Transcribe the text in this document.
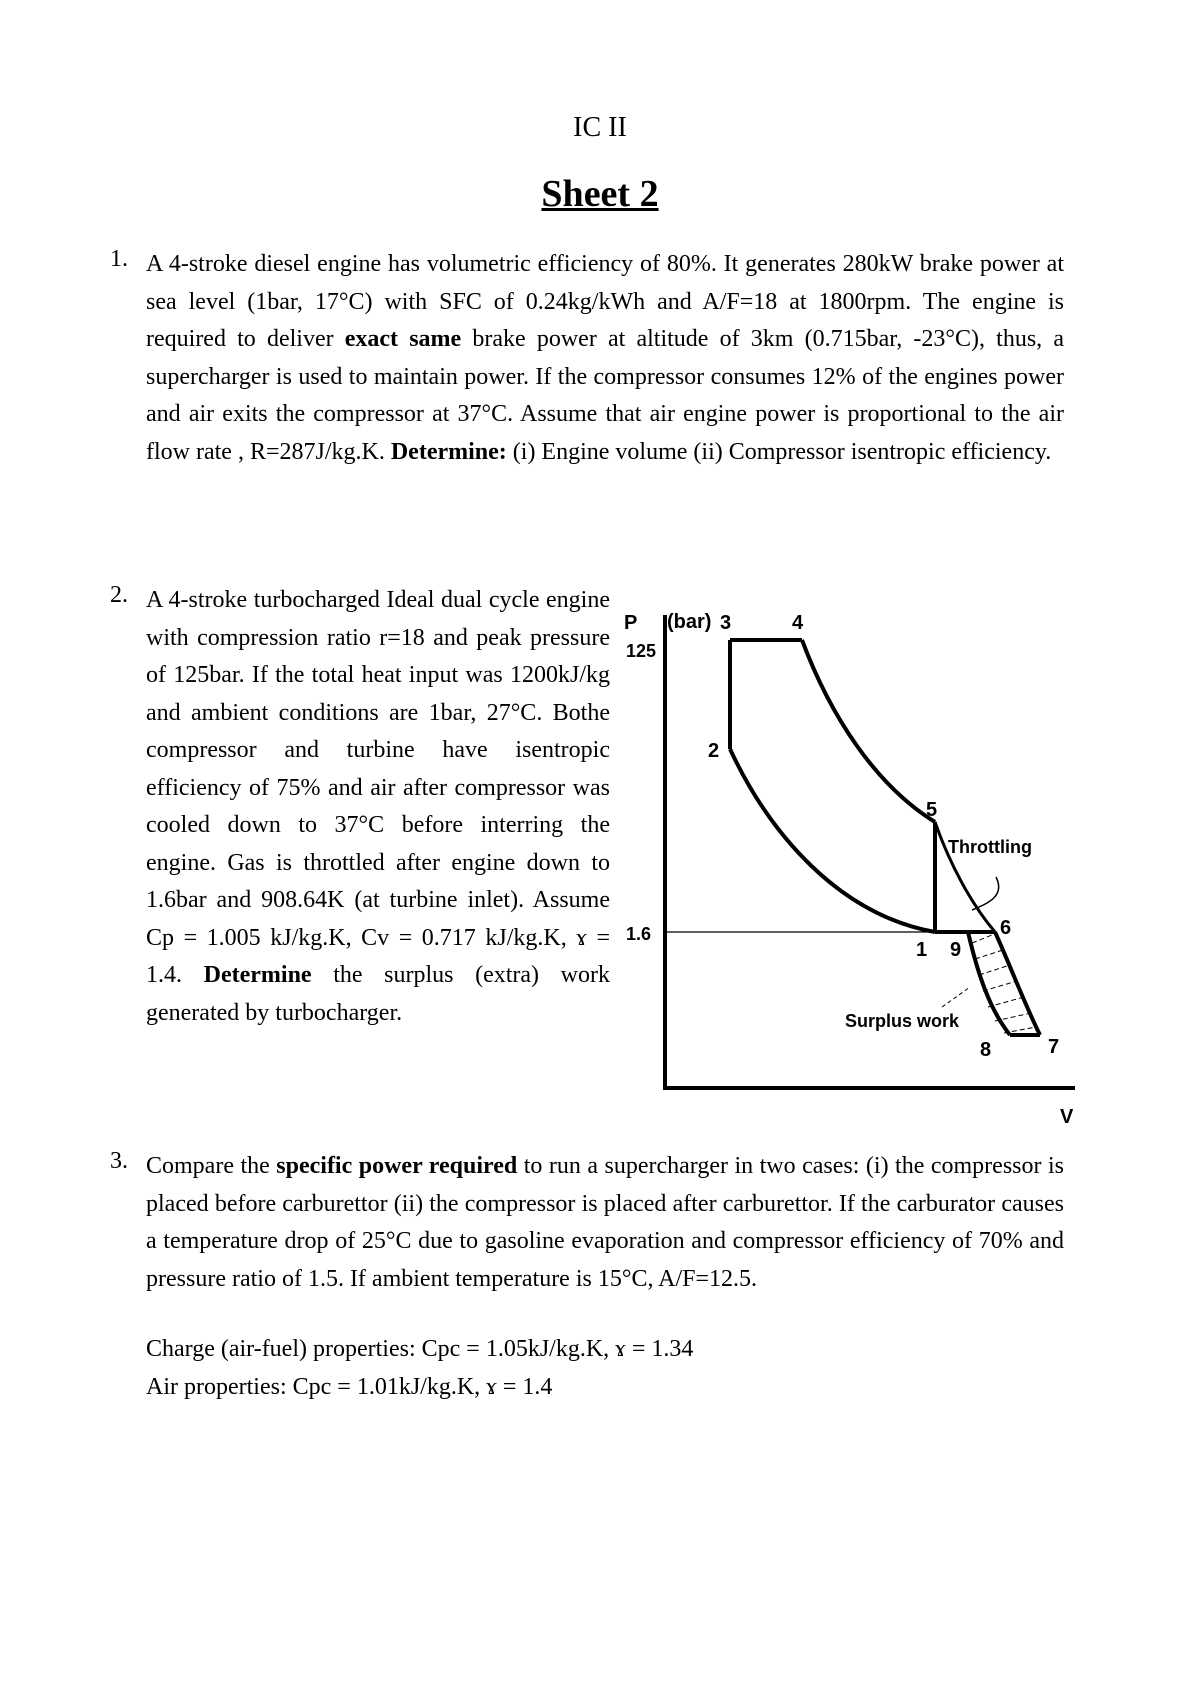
IC II
Sheet 2
1. A 4-stroke diesel engine has volumetric efficiency of 80%. It generates 280kW brake power at sea level (1bar, 17°C) with SFC of 0.24kg/kWh and A/F=18 at 1800rpm. The engine is required to deliver exact same brake power at altitude of 3km (0.715bar, -23°C), thus, a supercharger is used to maintain power. If the compressor consumes 12% of the engines power and air exits the compressor at 37°C. Assume that air engine power is proportional to the air flow rate , R=287J/kg.K. Determine: (i) Engine volume (ii) Compressor isentropic efficiency.
2. A 4-stroke turbocharged Ideal dual cycle engine with compression ratio r=18 and peak pressure of 125bar. If the total heat input was 1200kJ/kg and ambient conditions are 1bar, 27°C. Bothe compressor and turbine have isentropic efficiency of 75% and air after compressor was cooled down to 37°C before interring the engine. Gas is throttled after engine down to 1.6bar and 908.64K (at turbine inlet). Assume Cp = 1.005 kJ/kg.K, Cv = 0.717 kJ/kg.K, ɤ = 1.4. Determine the surplus (extra) work generated by turbocharger.
P (bar)
125
1.6
3	4
2
5
1 9
6
8	7
Throttling
Surplus work
V
3. Compare the specific power required to run a supercharger in two cases: (i) the compressor is placed before carburettor (ii) the compressor is placed after carburettor. If the carburator causes a temperature drop of 25°C due to gasoline evaporation and compressor efficiency of 70% and pressure ratio of 1.5. If ambient temperature is 15°C, A/F=12.5.
Charge (air-fuel) properties: Cpc = 1.05kJ/kg.K, ɤ = 1.34
Air properties: Cpc = 1.01kJ/kg.K, ɤ = 1.4
